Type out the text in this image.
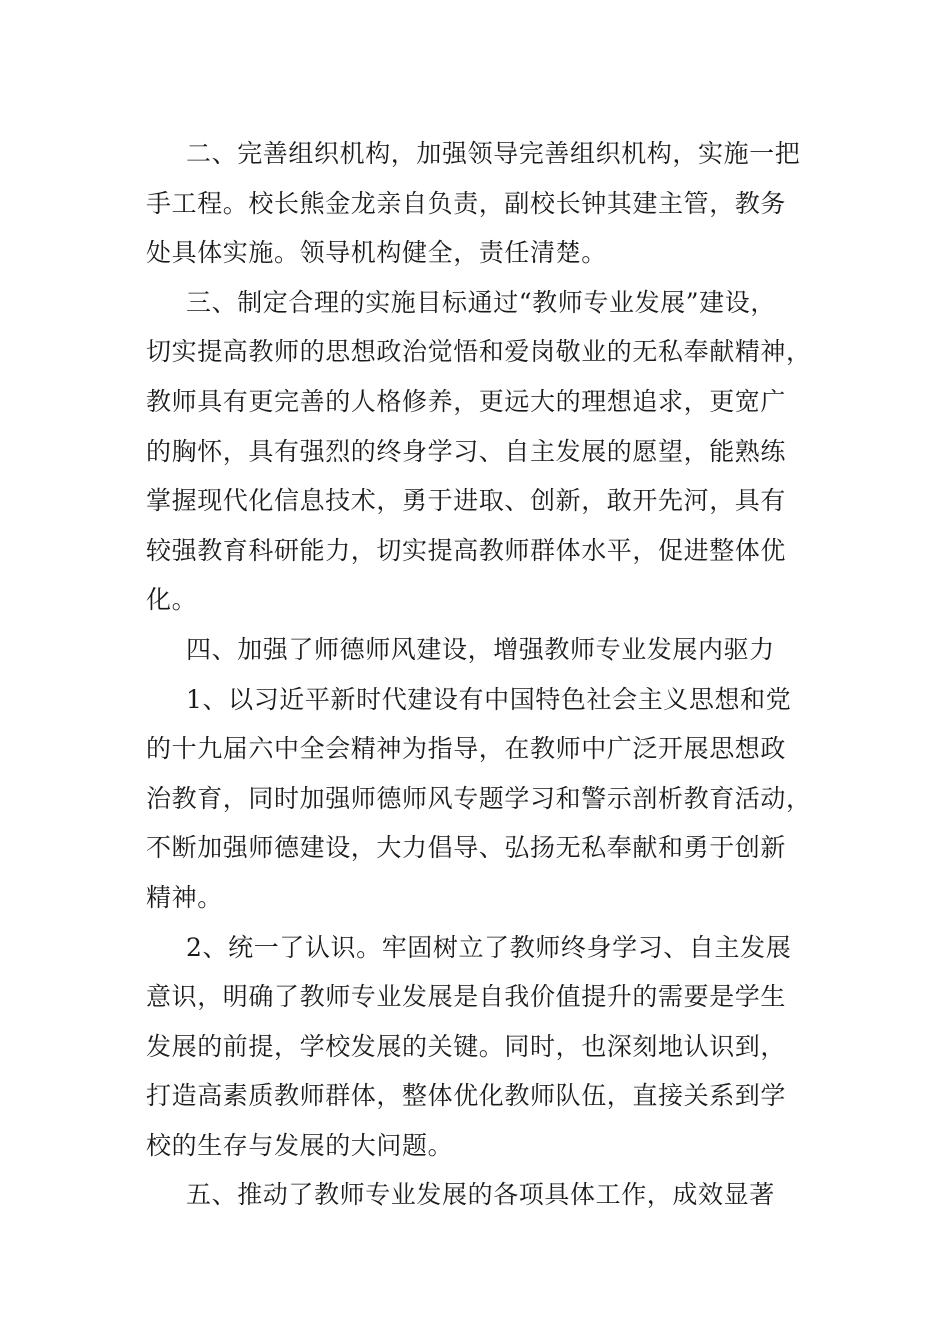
二、完善组织机构，加强领导完善组织机构，实施一把
手工程。校长熊金龙亲自负责，副校长钟其建主管，教务
处具体实施。领导机构健全，责任清楚。
三、制定合理的实施目标通过“教师专业发展”建设，
切实提高教师的思想政治觉悟和爱岗敬业的无私奉献精神，
教师具有更完善的人格修养，更远大的理想追求，更宽广
的胸怀，具有强烈的终身学习、自主发展的愿望，能熟练
掌握现代化信息技术，勇于进取、创新，敢开先河，具有
较强教育科研能力，切实提高教师群体水平，促进整体优
化。
四、加强了师德师风建设，增强教师专业发展内驱力
1、以习近平新时代建设有中国特色社会主义思想和党
的十九届六中全会精神为指导，在教师中广泛开展思想政
治教育，同时加强师德师风专题学习和警示剖析教育活动，
不断加强师德建设，大力倡导、弘扬无私奉献和勇于创新
精神。
2、统一了认识。牢固树立了教师终身学习、自主发展
意识，明确了教师专业发展是自我价值提升的需要是学生
发展的前提，学校发展的关键。同时，也深刻地认识到，
打造高素质教师群体，整体优化教师队伍，直接关系到学
校的生存与发展的大问题。
五、推动了教师专业发展的各项具体工作，成效显著
